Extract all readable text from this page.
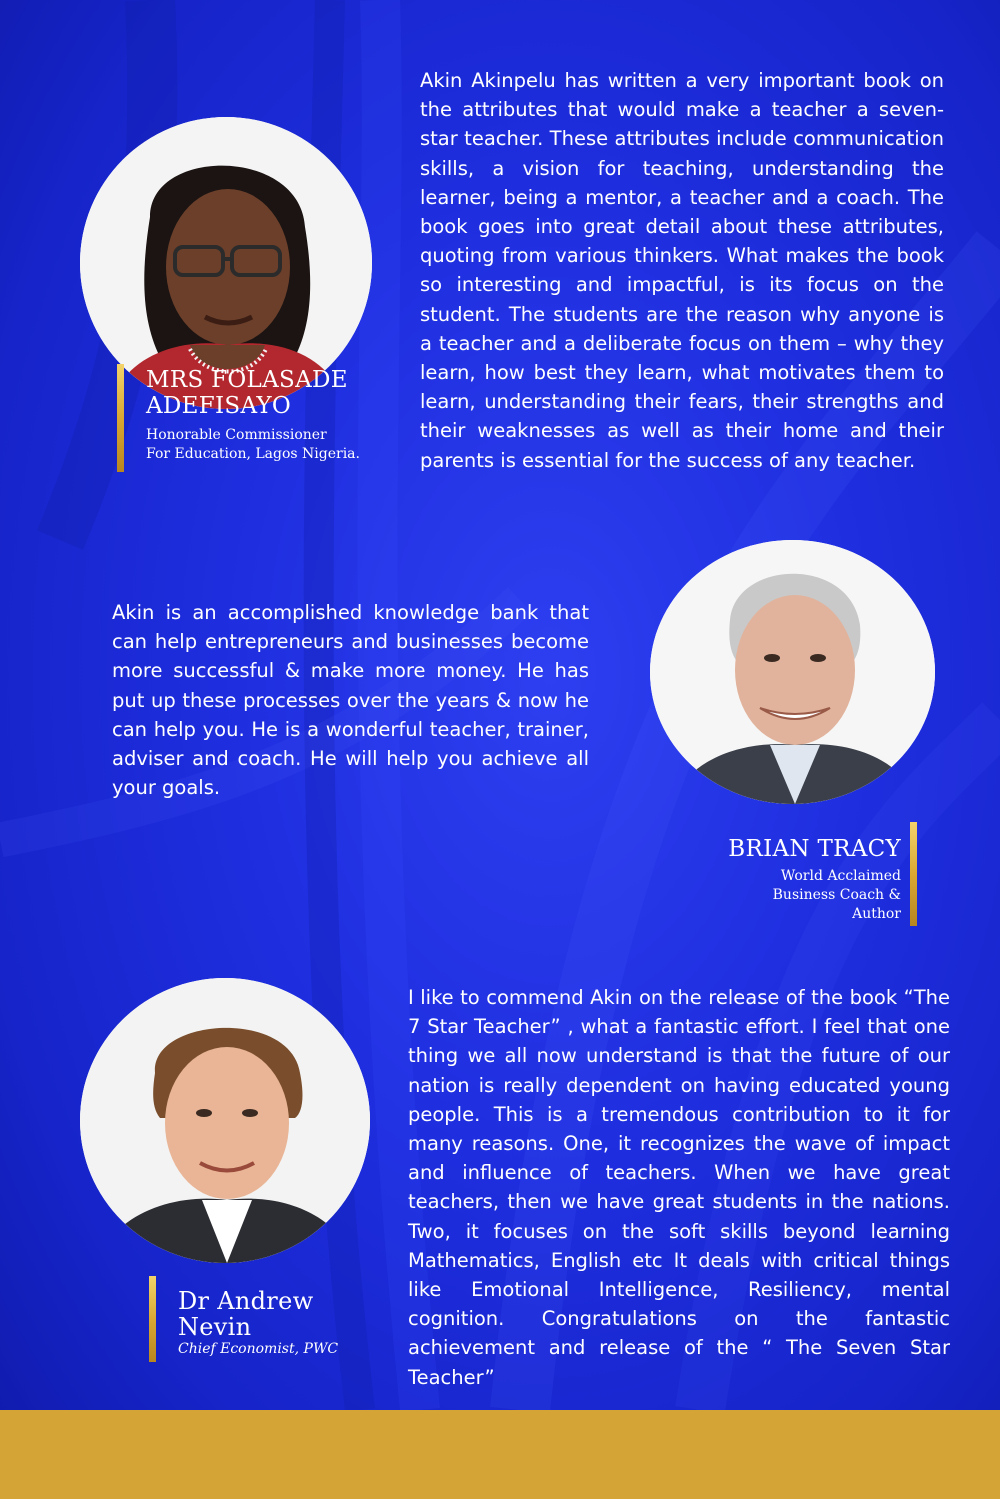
MRS FOLASADE
ADEFISAYO
Honorable Commissioner
For Education, Lagos Nigeria.

Akin Akinpelu has written a very important book on the attributes that would make a teacher a seven-star teacher. These attributes include communication skills, a vision for teaching, understanding the learner, being a mentor, a teacher and a coach. The book goes into great detail about these attributes, quoting from various thinkers. What makes the book so interesting and impactful, is its focus on the student. The students are the reason why anyone is a teacher and a deliberate focus on them – why they learn, how best they learn, what motivates them to learn, understanding their fears, their strengths and their weaknesses as well as their home and their parents is essential for the success of any teacher.

Akin is an accomplished knowledge bank that can help entrepreneurs and businesses become more successful & make more money. He has put up these processes over the years & now he can help you. He is a wonderful teacher, trainer, adviser and coach. He will help you achieve all your goals.

BRIAN TRACY
World Acclaimed
Business Coach &
Author
Dr Andrew
Nevin
Chief Economist, PWC

I like to commend Akin on the release of the book “The 7 Star Teacher” , what a fantastic effort. I feel that one thing we all now understand is that the future of our nation is really dependent on having educated young people. This is a tremendous contribution to it for many reasons. One, it recognizes the wave of impact and influence of teachers. When we have great teachers, then we have great students in the nations. Two, it focuses on the soft skills beyond learning Mathematics, English etc It deals with critical things like Emotional Intelligence, Resiliency, mental cognition. Congratulations on the fantastic achievement and release of the “ The Seven Star Teacher”
